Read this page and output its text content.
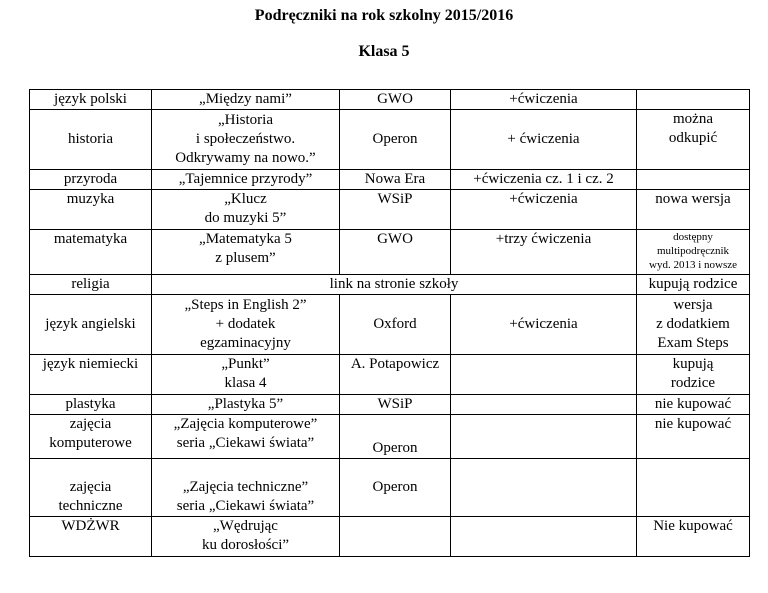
Podręczniki na rok szkolny 2015/2016
Klasa 5
język polski	„Między nami”	GWO	+ćwiczenia	

historia	„Historia
i społeczeństwo.
Odkrywamy na nowo.”	Operon	+ ćwiczenia	można
odkupić

przyroda	„Tajemnice przyrody”	Nowa Era	+ćwiczenia cz. 1 i cz. 2	

muzyka	„Klucz
do muzyki 5”	WSiP	+ćwiczenia	nowa wersja

matematyka	„Matematyka 5
z plusem”	GWO	+trzy ćwiczenia	dostępny
multipodręcznik
wyd. 2013 i nowsze

religia	link na stronie szkoły			kupują rodzice

język angielski	„Steps in English 2”
+ dodatek
egzaminacyjny	Oxford	+ćwiczenia	wersja
z dodatkiem
Exam Steps

język niemiecki	„Punkt”
klasa 4	A. Potapowicz		kupują
rodzice

plastyka	„Plastyka 5”	WSiP		nie kupować

zajęcia
komputerowe	„Zajęcia komputerowe”
seria „Ciekawi świata”	Operon		nie kupować

zajęcia
techniczne	„Zajęcia techniczne”
seria „Ciekawi świata”	Operon		

WDŻWR	„Wędrując
ku dorosłości”			Nie kupować
